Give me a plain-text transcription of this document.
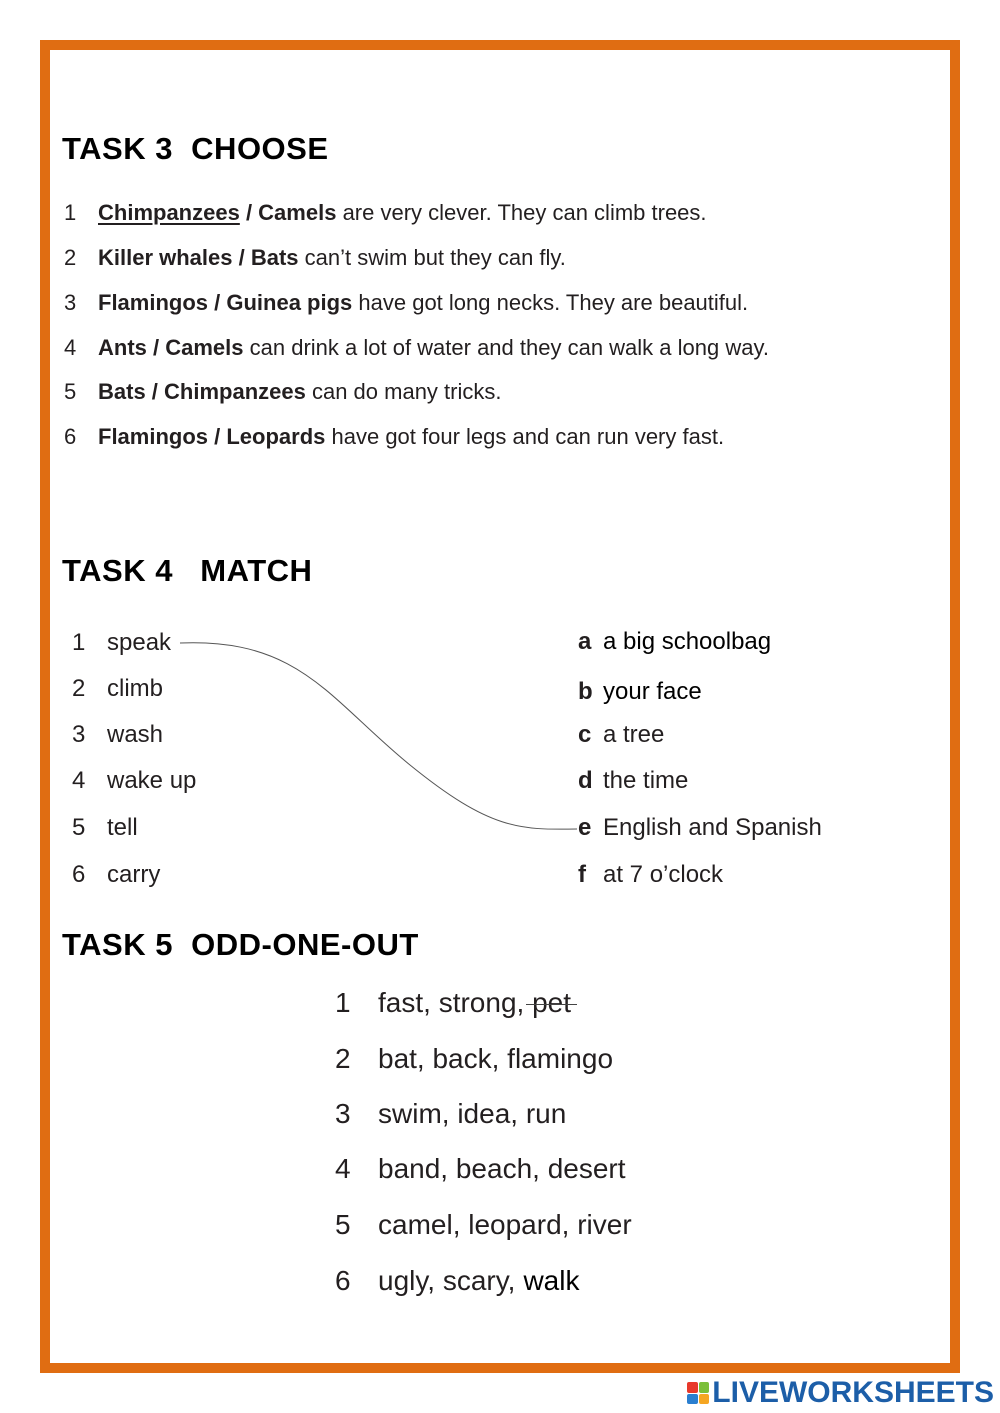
TASK 3  CHOOSE
1 Chimpanzees / Camels are very clever. They can climb trees.
2 Killer whales / Bats can’t swim but they can fly.
3 Flamingos / Guinea pigs have got long necks. They are beautiful.
4 Ants / Camels can drink a lot of water and they can walk a long way.
5 Bats / Chimpanzees can do many tricks.
6 Flamingos / Leopards have got four legs and can run very fast.
TASK 4   MATCH
1 speak
2 climb
3 wash
4 wake up
5 tell
6 carry
a a big schoolbag
b your face
c a tree
d the time
e English and Spanish
f at 7 o’clock
TASK 5  ODD-ONE-OUT
1 fast, strong, pet
2 bat, back, flamingo
3 swim, idea, run
4 band, beach, desert
5 camel, leopard, river
6 ugly, scary, walk
LIVEWORKSHEETS
